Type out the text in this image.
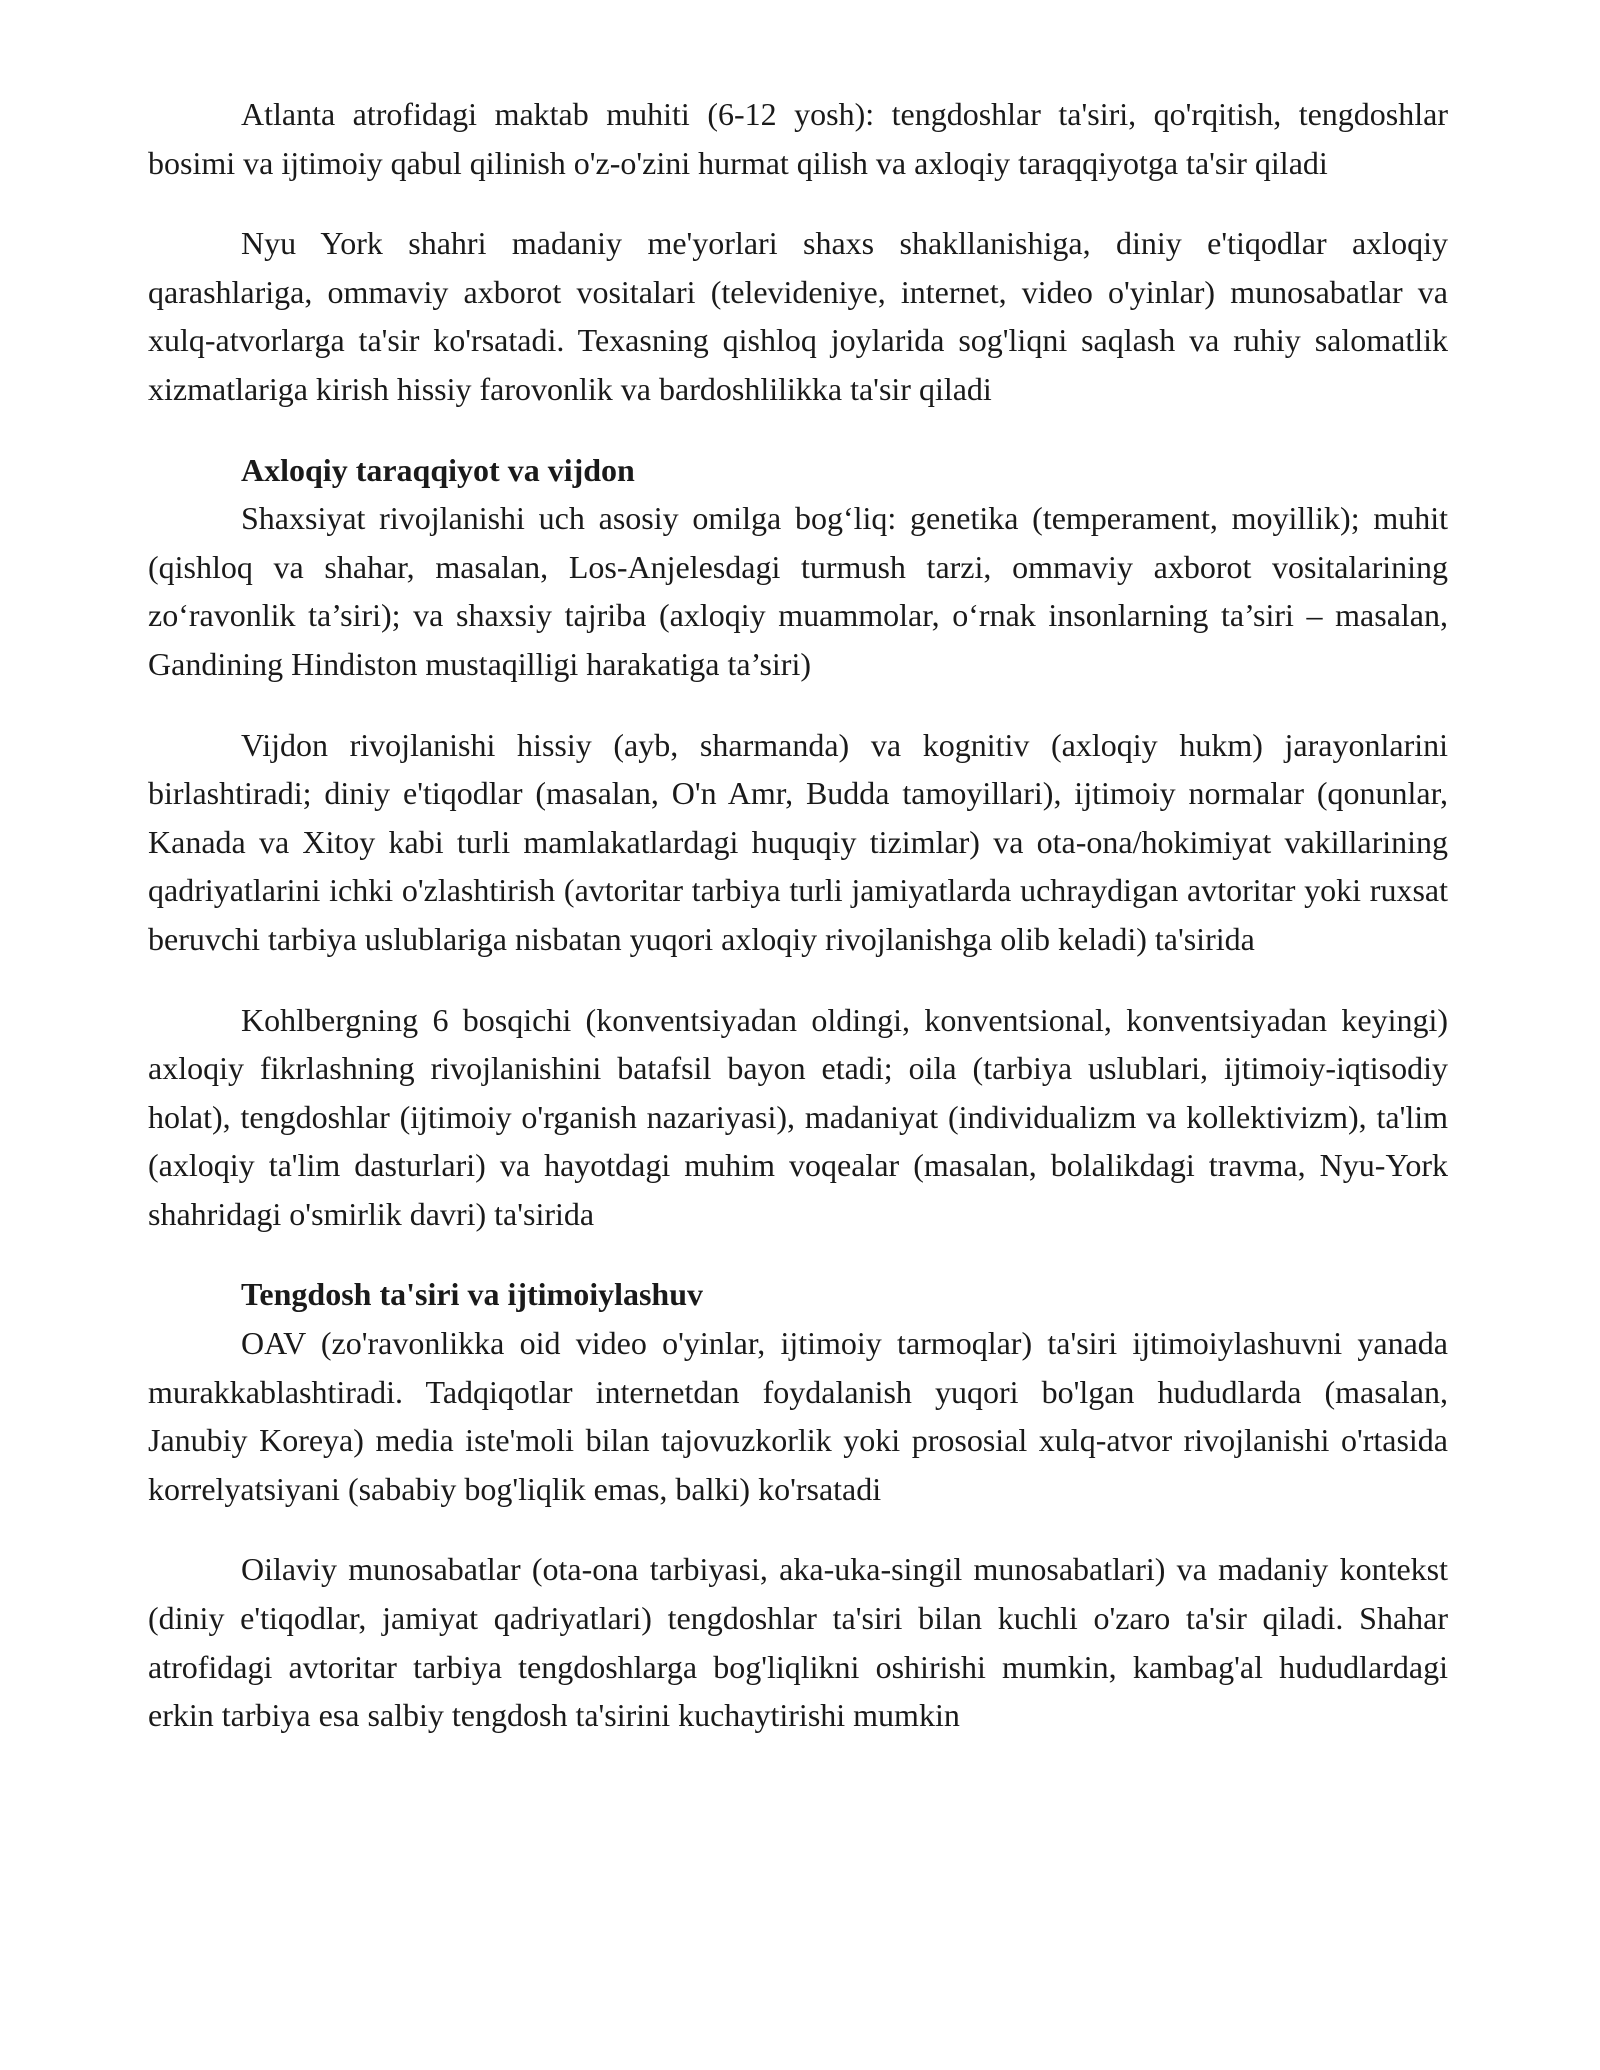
Atlanta atrofidagi maktab muhiti (6-12 yosh): tengdoshlar ta'siri, qo'rqitish, tengdoshlar bosimi va ijtimoiy qabul qilinish o'z-o'zini hurmat qilish va axloqiy taraqqiyotga ta'sir qiladi

Nyu York shahri madaniy me'yorlari shaxs shakllanishiga, diniy e'tiqodlar axloqiy qarashlariga, ommaviy axborot vositalari (televideniye, internet, video o'yinlar) munosabatlar va xulq-atvorlarga ta'sir ko'rsatadi. Texasning qishloq joylarida sog'liqni saqlash va ruhiy salomatlik xizmatlariga kirish hissiy farovonlik va bardoshlilikka ta'sir qiladi

Axloqiy taraqqiyot va vijdon

Shaxsiyat rivojlanishi uch asosiy omilga bog‘liq: genetika (temperament, moyillik); muhit (qishloq va shahar, masalan, Los-Anjelesdagi turmush tarzi, ommaviy axborot vositalarining zo‘ravonlik ta’siri); va shaxsiy tajriba (axloqiy muammolar, o‘rnak insonlarning ta’siri – masalan, Gandining Hindiston mustaqilligi harakatiga ta’siri)

Vijdon rivojlanishi hissiy (ayb, sharmanda) va kognitiv (axloqiy hukm) jarayonlarini birlashtiradi; diniy e'tiqodlar (masalan, O'n Amr, Budda tamoyillari), ijtimoiy normalar (qonunlar, Kanada va Xitoy kabi turli mamlakatlardagi huquqiy tizimlar) va ota-ona/hokimiyat vakillarining qadriyatlarini ichki o'zlashtirish (avtoritar tarbiya turli jamiyatlarda uchraydigan avtoritar yoki ruxsat beruvchi tarbiya uslublariga nisbatan yuqori axloqiy rivojlanishga olib keladi) ta'sirida

Kohlbergning 6 bosqichi (konventsiyadan oldingi, konventsional, konventsiyadan keyingi) axloqiy fikrlashning rivojlanishini batafsil bayon etadi; oila (tarbiya uslublari, ijtimoiy-iqtisodiy holat), tengdoshlar (ijtimoiy o'rganish nazariyasi), madaniyat (individualizm va kollektivizm), ta'lim (axloqiy ta'lim dasturlari) va hayotdagi muhim voqealar (masalan, bolalikdagi travma, Nyu-York shahridagi o'smirlik davri) ta'sirida

Tengdosh ta'siri va ijtimoiylashuv

OAV (zo'ravonlikka oid video o'yinlar, ijtimoiy tarmoqlar) ta'siri ijtimoiylashuvni yanada murakkablashtiradi. Tadqiqotlar internetdan foydalanish yuqori bo'lgan hududlarda (masalan, Janubiy Koreya) media iste'moli bilan tajovuzkorlik yoki prososial xulq-atvor rivojlanishi o'rtasida korrelyatsiyani (sababiy bog'liqlik emas, balki) ko'rsatadi

Oilaviy munosabatlar (ota-ona tarbiyasi, aka-uka-singil munosabatlari) va madaniy kontekst (diniy e'tiqodlar, jamiyat qadriyatlari) tengdoshlar ta'siri bilan kuchli o'zaro ta'sir qiladi. Shahar atrofidagi avtoritar tarbiya tengdoshlarga bog'liqlikni oshirishi mumkin, kambag'al hududlardagi erkin tarbiya esa salbiy tengdosh ta'sirini kuchaytirishi mumkin
